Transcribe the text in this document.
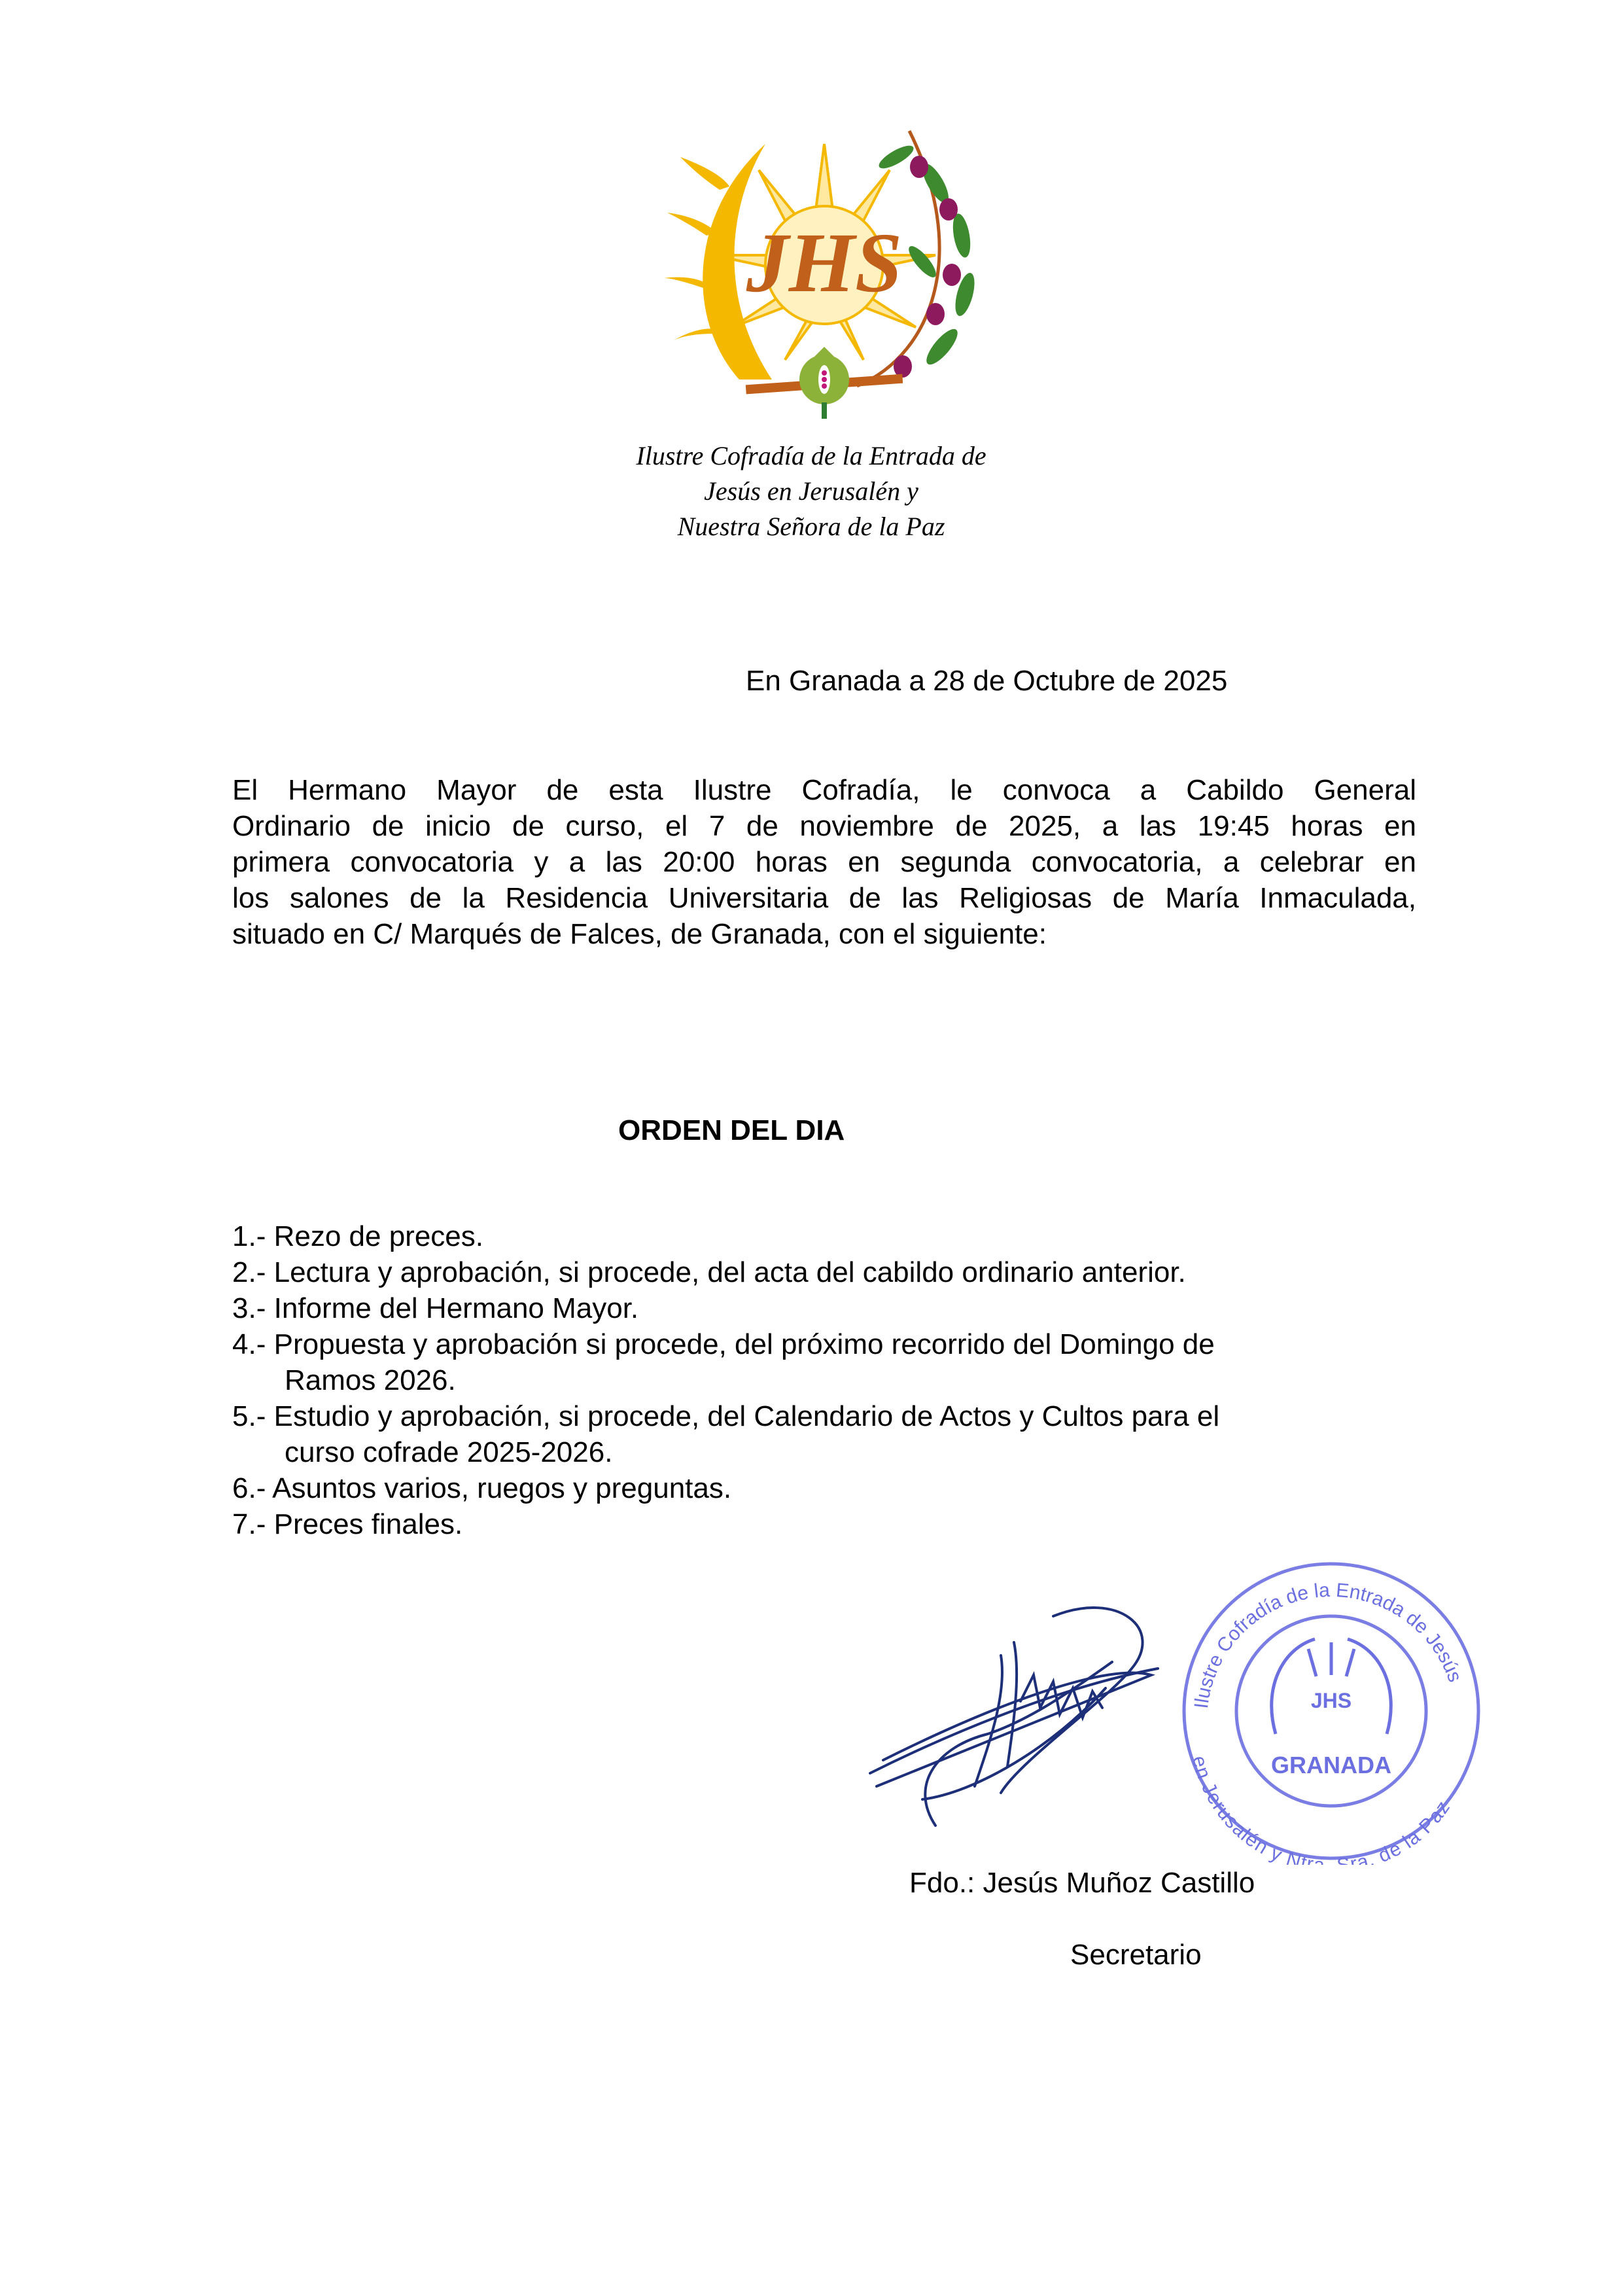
JHS
Ilustre Cofradía de la Entrada de
Jesús en Jerusalén y
Nuestra Señora de la Paz
En Granada a 28 de Octubre de 2025
El Hermano Mayor de esta Ilustre Cofradía, le convoca a Cabildo General
Ordinario de inicio de curso, el 7 de noviembre de 2025, a las 19:45 horas en
primera convocatoria y a las 20:00 horas en segunda convocatoria, a celebrar en
los salones de la Residencia Universitaria de las Religiosas de María Inmaculada,
situado en C/ Marqués de Falces, de Granada, con el siguiente:
ORDEN DEL DIA
1.- Rezo de preces.
2.- Lectura y aprobación, si procede, del acta del cabildo ordinario anterior.
3.- Informe del Hermano Mayor.
4.- Propuesta y aprobación si procede, del próximo recorrido del Domingo de
Ramos 2026.
5.- Estudio y aprobación, si procede, del Calendario de Actos y Cultos para el
curso cofrade 2025-2026.
6.- Asuntos varios, ruegos y preguntas.
7.- Preces finales.
Ilustre Cofradía de la Entrada de Jesús
en Jerusalén y Ntr ra. de la Paz
JHS
GRANADA
Fdo.: Jesús Muñoz Castillo
Secretario
